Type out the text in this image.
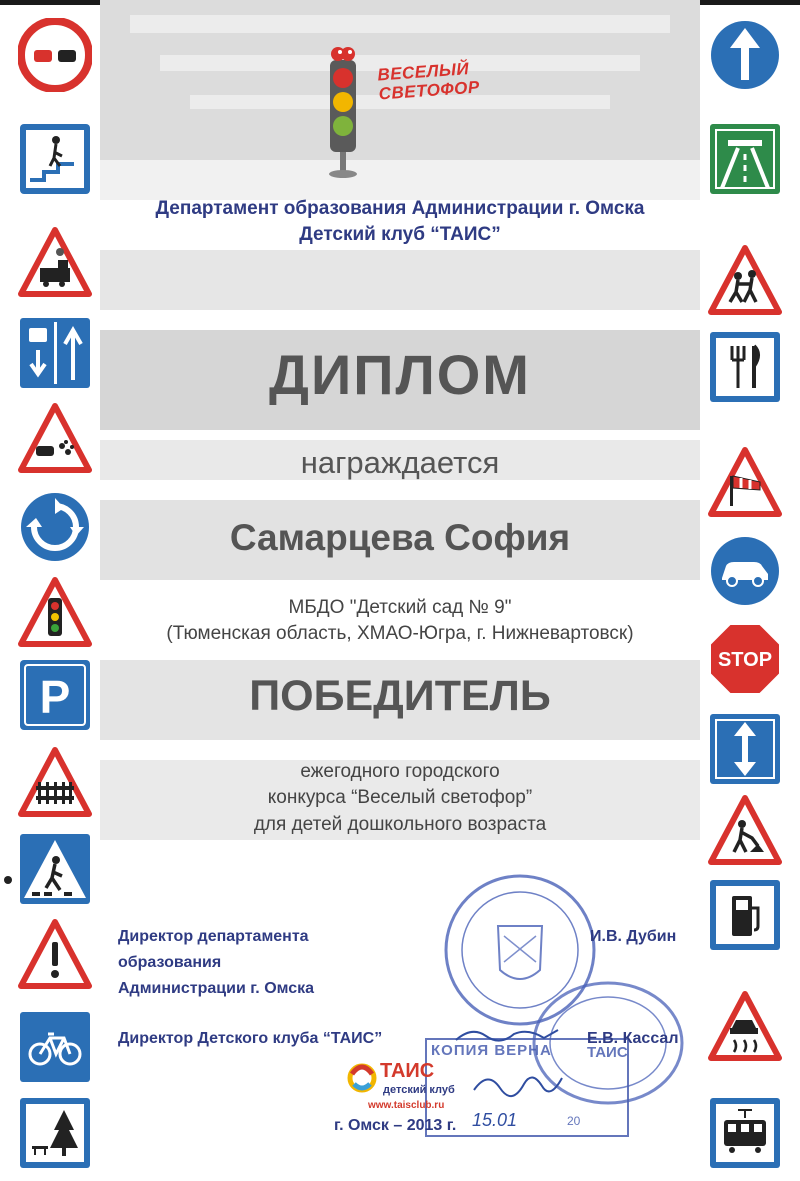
P
STOP
ВЕСЕЛЫЙ
СВЕТОФОР
Департамент образования Администрации г. Омска
Детский клуб “ТАИС”
ДИПЛОМ
награждается
Самарцева София
МБДО "Детский сад № 9"
(Тюменская область, ХМАО-Югра, г. Нижневартовск)
ПОБЕДИТЕЛЬ
ежегодного городского
конкурса “Веселый светофор”
для детей дошкольного возраста
КОПИЯ ВЕРНА ТАИС
20
Директор департамента
образования
Администрации г. Омска
И.В. Дубин
Директор Детского клуба “ТАИС”	Е.В. Кассал
ТАИС
детский клуб
www.taisclub.ru
г. Омск – 2013 г. 15.01
